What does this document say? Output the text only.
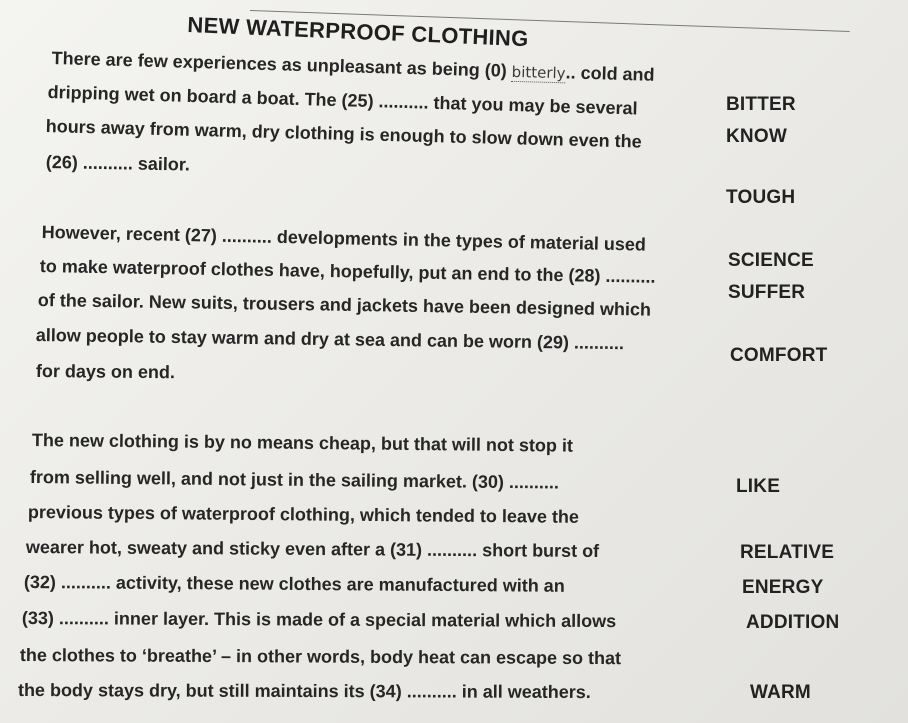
NEW WATERPROOF CLOTHING
There are few experiences as unpleasant as being (0) bitterly.. cold and
dripping wet on board a boat. The (25) .......... that you may be several
hours away from warm, dry clothing is enough to slow down even the
(26) .......... sailor.
However, recent (27) .......... developments in the types of material used
to make waterproof clothes have, hopefully, put an end to the (28) ..........
of the sailor. New suits, trousers and jackets have been designed which
allow people to stay warm and dry at sea and can be worn (29) ..........
for days on end.
The new clothing is by no means cheap, but that will not stop it
from selling well, and not just in the sailing market. (30) ..........
previous types of waterproof clothing, which tended to leave the
wearer hot, sweaty and sticky even after a (31) .......... short burst of
(32) .......... activity, these new clothes are manufactured with an
(33) .......... inner layer. This is made of a special material which allows
the clothes to ‘breathe’ – in other words, body heat can escape so that
the body stays dry, but still maintains its (34) .......... in all weathers.
BITTER
KNOW
TOUGH
SCIENCE
SUFFER
COMFORT
LIKE
RELATIVE
ENERGY
ADDITION
WARM
